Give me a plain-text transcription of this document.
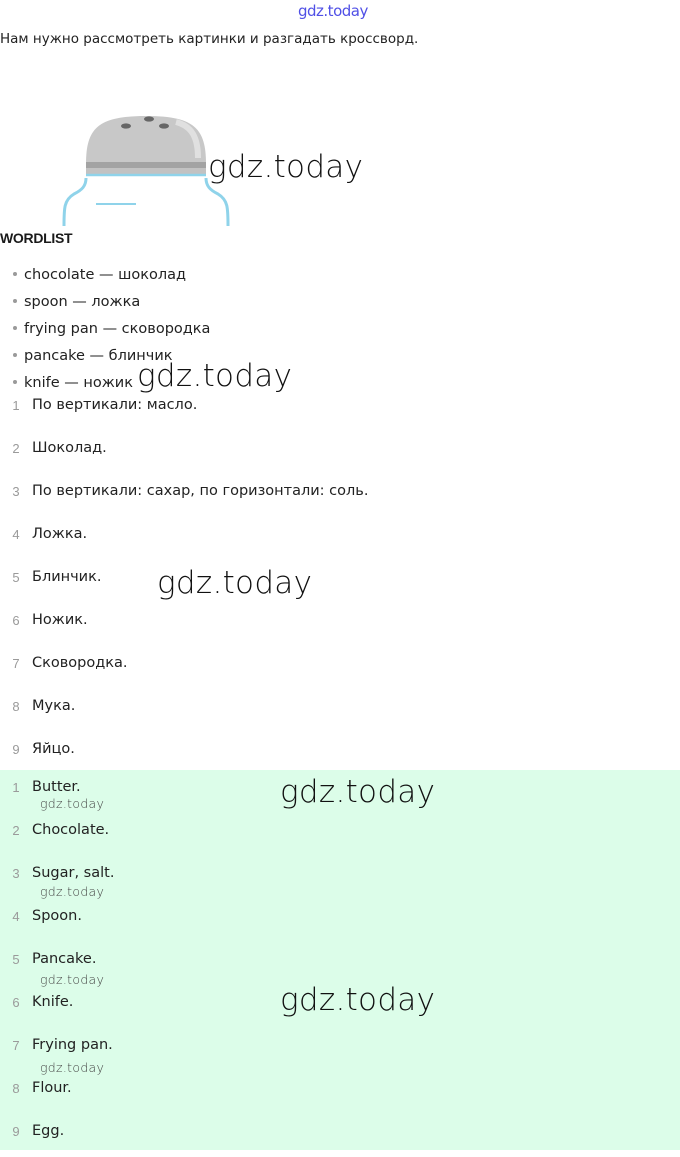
gdz.today
Нам нужно рассмотреть картинки и разгадать кроссворд.
gdz.today
WORDLIST
chocolate — шоколад
spoon — ложка
frying pan — сковородка
pancake — блинчик
knife — ножик gdz.today
1 По вертикали: масло.
2 Шоколад.
3 По вертикали: сахар, по горизонтали: соль.
4 Ложка.
5 Блинчик.
6 Ножик.
7 Сковородка.
8 Мука.
9 Яйцо.
gdz.today
1 Butter.
2 Chocolate.
3 Sugar, salt.
4 Spoon.
5 Pancake.
6 Knife.
7 Frying pan.
8 Flour.
9 Egg.
gdz.today
gdz.today
gdz.today
gdz.today
gdz.today
gdz.today
